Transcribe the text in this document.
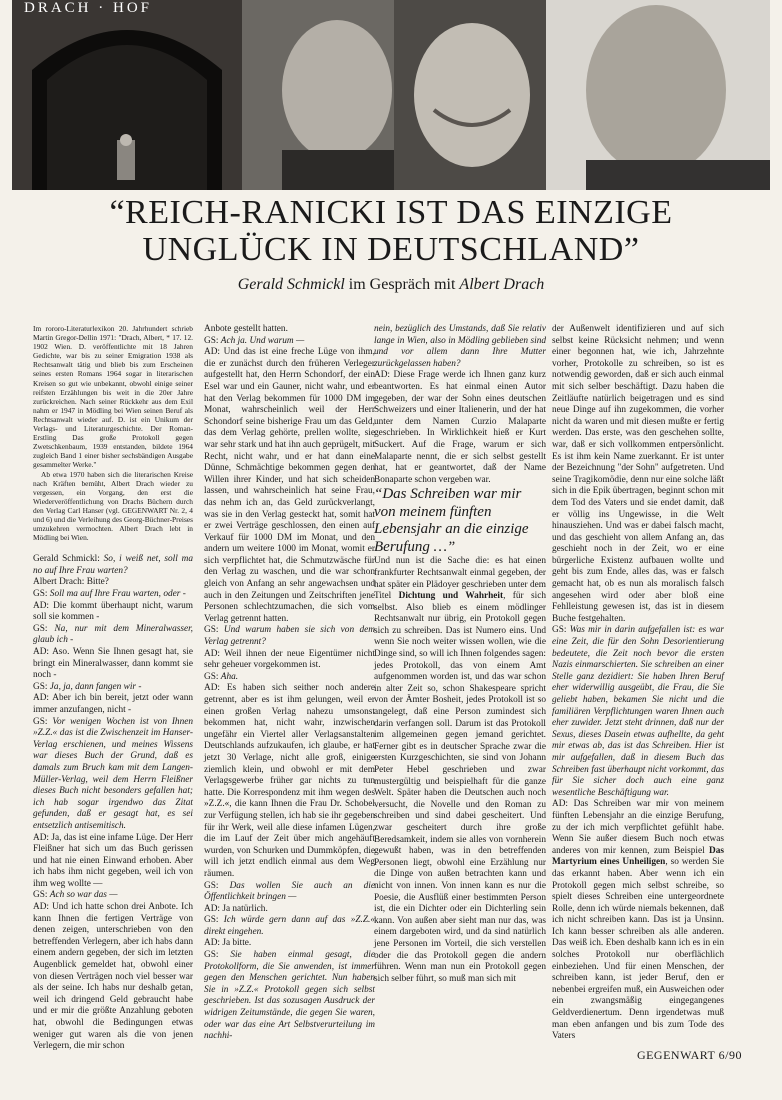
DRACH · HOF
“REICH-RANICKI IST DAS EINZIGE
UNGLÜCK IN DEUTSCHLAND”
Gerald Schmickl im Gespräch mit Albert Drach

Im rororo-Literaturlexikon 20. Jahrhundert schrieb Martin Gregor-Dellin 1971: "Drach, Albert, * 17. 12. 1902 Wien. D. veröffentlichte mit 18 Jahren Gedichte, war bis zu seiner Emigration 1938 als Rechtsanwalt tätig und blieb bis zum Erscheinen seines ersten Romans 1964 sogar in literarischen Kreisen so gut wie unbekannt, obwohl einige seiner reifsten Erzählungen bis weit in die 20er Jahre zurückreichen. Nach seiner Rückkehr aus dem Exil nahm er 1947 in Mödling bei Wien seinen Beruf als Rechtsanwalt wieder auf. D. ist ein Unikum der Verlags- und Literaturgeschichte. Der Roman-Erstling Das große Protokoll gegen Zwetschkenbaum, 1939 entstanden, bildete 1964 zugleich Band 1 einer bisher sechsbändigen Ausgabe gesammelter Werke."

Ab etwa 1970 haben sich die literarischen Kreise nach Kräften bemüht, Albert Drach wieder zu vergessen, ein Vorgang, den erst die Wiederveröffentlichung von Drachs Büchern durch den Verlag Carl Hanser (vgl. GEGENWART Nr. 2, 4 und 6) und die Verleihung des Georg-Büchner-Preises umzukehren vermochten. Albert Drach lebt in Mödling bei Wien.

Gerald Schmickl: So, i weiß net, soll ma no auf Ihre Frau warten?

Albert Drach: Bitte?

GS: Soll ma auf Ihre Frau warten, oder -

AD: Die kommt überhaupt nicht, warum soll sie kommen -

GS: Na, nur mit dem Mineralwasser, glaub ich -

AD: Aso. Wenn Sie Ihnen gesagt hat, sie bringt ein Mineralwasser, dann kommt sie noch -

GS: Ja, ja, dann fangen wir -

AD: Aber ich bin bereit, jetzt oder wann immer anzufangen, nicht -

GS: Vor wenigen Wochen ist von Ihnen »Z.Z.« das ist die Zwischenzeit im Hanser-Verlag erschienen, und meines Wissens war dieses Buch der Grund, daß es damals zum Bruch kam mit dem Langen-Müller-Verlag, weil dem Herrn Fleißner dieses Buch nicht besonders gefallen hat; ich hab sogar irgendwo das Zitat gefunden, daß er gesagt hat, es sei entsetzlich antisemitisch.

AD: Ja, das ist eine infame Lüge. Der Herr Fleißner hat sich um das Buch gerissen und hat nie einen Einwand erhoben. Aber ich habs ihm nicht gegeben, weil ich von ihm weg wollte —

GS: Ach so war das —

AD: Und ich hatte schon drei Anbote. Ich kann Ihnen die fertigen Verträge von denen zeigen, unterschrieben von den betreffenden Verlegern, aber ich habs dann einem andern gegeben, der sich im letzten Augenblick gemeldet hat, obwohl einer von diesen Verträgen noch viel besser war als der seine. Ich habs nur deshalb getan, weil ich dringend Geld gebraucht habe und er mir die größte Anzahlung geboten hat, obwohl die Bedingungen etwas weniger gut waren als die von jenen Verlegern, die mir schon

Anbote gestellt hatten.

GS: Ach ja. Und warum —

AD: Und das ist eine freche Lüge von ihm, die er zunächst durch den früheren Verleger aufgestellt hat, den Herrn Schondorf, der ein Esel war und ein Gauner, nicht wahr, und er hat den Verlag bekommen für 1000 DM im Monat, wahrscheinlich weil der Herr Schondorf seine bisherige Frau um das Geld, das dem Verlag gehörte, prellen wollte, sie war sehr stark und hat ihn auch geprügelt, mit Recht, nicht wahr, und er hat dann eine Dünne, Schmächtige bekommen gegen den Willen ihrer Kinder, und hat sich scheiden lassen, und wahrscheinlich hat seine Frau, das nehm ich an, das Geld zurückverlangt, was sie in den Verlag gesteckt hat, somit hat er zwei Verträge geschlossen, den einen auf Verkauf für 1000 DM im Monat, und den andern um weitere 1000 im Monat, womit er sich verpflichtet hat, die Schmutzwäsche für den Verlag zu waschen, und die war schon gleich von Anfang an sehr angewachsen und auch in den Zeitungen und Zeitschriften jene Personen schlechtzumachen, die sich vom Verlag getrennt hatten.

GS: Und warum haben sie sich von dem Verlag getrennt?

AD: Weil ihnen der neue Eigentümer nicht sehr geheuer vorgekommen ist.

GS: Aha.

AD: Es haben sich seither noch andere getrennt, aber es ist ihm gelungen, weil er einen großen Verlag nahezu umsonst bekommen hat, nicht wahr, inzwischen ungefähr ein Viertel aller Verlagsanstalten Deutschlands aufzukaufen, ich glaube, er hat jetzt 30 Verlage, nicht alle groß, einige ziemlich klein, und obwohl er mit dem Verlagsgewerbe früher gar nichts zu tun hatte. Die Korrespondenz mit ihm wegen des »Z.Z.«, die kann Ihnen die Frau Dr. Schobel zur Verfügung stellen, ich hab sie ihr gegeben für ihr Werk, weil alle diese infamen Lügen, die im Lauf der Zeit über mich angehäuft wurden, von Schurken und Dummköpfen, die will ich jetzt endlich einmal aus dem Weg räumen.

GS: Das wollen Sie auch an die Öffentlichkeit bringen —

AD: Ja natürlich.

GS: Ich würde gern dann auf das »Z.Z.« direkt eingehen.

AD: Ja bitte.

GS: Sie haben einmal gesagt, die Protokollform, die Sie anwenden, ist immer gegen den Menschen gerichtet. Nun haben Sie in »Z.Z.« Protokoll gegen sich selbst geschrieben. Ist das sozusagen Ausdruck der widrigen Zeitumstände, die gegen Sie waren, oder war das eine Art Selbstverurteilung im nachhi-

nein, bezüglich des Umstands, daß Sie relativ lange in Wien, also in Mödling geblieben sind und vor allem dann Ihre Mutter zurückgelassen haben?

AD: Diese Frage werde ich Ihnen ganz kurz beantworten. Es hat einmal einen Autor gegeben, der war der Sohn eines deutschen Schweizers und einer Italienerin, und der hat unter dem Namen Curzio Malaparte geschrieben. In Wirklichkeit hieß er Kurt Suckert. Auf die Frage, warum er sich Malaparte nennt, die er sich selbst gestellt hat, hat er geantwortet, daß der Name Bonaparte schon vergeben war.

“Das Schreiben war mir von meinem fünften Lebensjahr an die einzige Berufung …”

Und nun ist die Sache die: es hat einen frankfurter Rechtsanwalt einmal gegeben, der hat später ein Plädoyer geschrieben unter dem Titel Dichtung und Wahrheit, für sich selbst. Also blieb es einem mödlinger Rechtsanwalt nur übrig, ein Protokoll gegen sich zu schreiben. Das ist Numero eins. Und wenn Sie noch weiter wissen wollen, wie die Dinge sind, so will ich Ihnen folgendes sagen: jedes Protokoll, das von einem Amt aufgenommen worden ist, und das war schon in alter Zeit so, schon Shakespeare spricht von der Ämter Bosheit, jedes Protokoll ist so angelegt, daß eine Person zumindest sich darin verfangen soll. Darum ist das Protokoll im allgemeinen gegen jemand gerichtet. Ferner gibt es in deutscher Sprache zwar die ersten Kurzgeschichten, sie sind von Johann Peter Hebel geschrieben und zwar mustergültig und beispielhaft für die ganze Welt. Später haben die Deutschen auch noch versucht, die Novelle und den Roman zu schreiben und sind dabei gescheitert. Und zwar gescheitert durch ihre große Beredsamkeit, indem sie alles von vornherein gewußt haben, was in den betreffenden Personen liegt, obwohl eine Erzählung nur die Dinge von außen betrachten kann und nicht von innen. Von innen kann es nur die Poesie, die Ausflüß einer bestimmten Person ist, die ein Dichter oder ein Dichterling sein kann. Von außen aber sieht man nur das, was einem dargeboten wird, und da sind natürlich jene Personen im Vorteil, die sich verstellen oder die das Protokoll gegen die andern führen. Wenn man nun ein Protokoll gegen sich selber führt, so muß man sich mit

der Außenwelt identifizieren und auf sich selbst keine Rücksicht nehmen; und wenn einer begonnen hat, wie ich, Jahrzehnte vorher, Protokolle zu schreiben, so ist es notwendig geworden, daß er sich auch einmal mit sich selber beschäftigt. Dazu haben die Zeitläufte natürlich beigetragen und es sind neue Dinge auf ihn zugekommen, die vorher nicht da waren und mit diesen mußte er fertig werden. Das erste, was den geschehen sollte, war, daß er sich vollkommen entpersönlicht. Es ist ihm kein Name zuerkannt. Er ist unter der Bezeichnung "der Sohn" aufgetreten. Und seine Tragikomödie, denn nur eine solche läßt sich in die Epik übertragen, beginnt schon mit dem Tod des Vaters und sie endet damit, daß er völlig ins Ungewisse, in die Welt hinausziehen. Und was er dabei falsch macht, und das geschieht von allem Anfang an, das geschieht noch in der Zeit, wo er eine bürgerliche Existenz aufbauen wollte und geht bis zum Ende, alles das, was er falsch gemacht hat, ob es nun als moralisch falsch angesehen wird oder aber bloß eine Fehlleistung gewesen ist, das ist in diesem Buche festgehalten.

GS: Was mir in darin aufgefallen ist: es war eine Zeit, die für den Sohn Desorientierung bedeutete, die Zeit noch bevor die ersten Nazis einmarschierten. Sie schreiben an einer Stelle ganz dezidiert: Sie haben Ihren Beruf eher widerwillig ausgeübt, die Frau, die Sie geliebt haben, bekamen Sie nicht und die familiären Verpflichtungen waren Ihnen auch eher zuwider. Jetzt steht drinnen, daß nur der Sexus, dieses Dasein etwas aufhellte, da geht mir etwas ab, das ist das Schreiben. Hier ist mir aufgefallen, daß in diesem Buch das Schreiben fast überhaupt nicht vorkommt, das für Sie sicher doch auch eine ganz wesentliche Beschäftigung war.

AD: Das Schreiben war mir von meinem fünften Lebensjahr an die einzige Berufung, zu der ich mich verpflichtet gefühlt habe. Wenn Sie außer diesem Buch noch etwas anderes von mir kennen, zum Beispiel Das Martyrium eines Unheiligen, so werden Sie das erkannt haben. Aber wenn ich ein Protokoll gegen mich selbst schreibe, so spielt dieses Schreiben eine untergeordnete Rolle, denn ich würde niemals bekennen, daß ich nicht schreiben kann. Das ist ja Unsinn. Ich kann besser schreiben als alle anderen. Das weiß ich. Eben deshalb kann ich es in ein solches Protokoll nur oberflächlich einbeziehen. Und für einen Menschen, der schreiben kann, ist jeder Beruf, den er nebenbei ergreifen muß, ein Ausweichen oder ein zwangsmäßig eingegangenes Geldverdienertum. Denn irgendetwas muß man eben anfangen und bis zum Tode des Vaters

GEGENWART 6/90
